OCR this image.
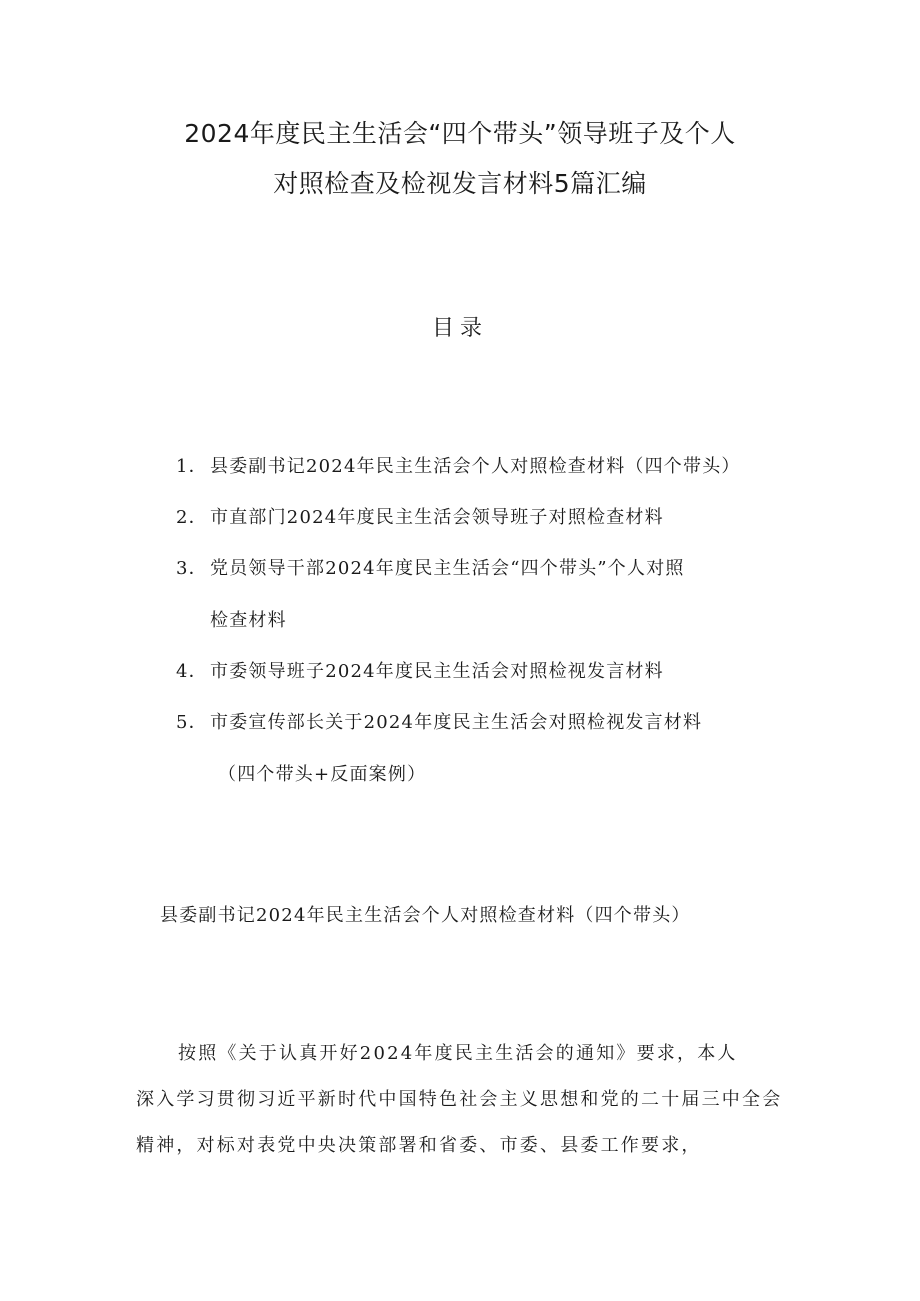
2024年度民主生活会“四个带头”领导班子及个人
对照检查及检视发言材料5篇汇编
目录
1． 县委副书记2024年民主生活会个人对照检查材料（四个带头）
2． 市直部门2024年度民主生活会领导班子对照检查材料
3． 党员领导干部2024年度民主生活会“四个带头”个人对照
检查材料
4． 市委领导班子2024年度民主生活会对照检视发言材料
5． 市委宣传部长关于2024年度民主生活会对照检视发言材料
（四个带头+反面案例）
县委副书记2024年民主生活会个人对照检查材料（四个带头）
按照《关于认真开好2024年度民主生活会的通知》要求，本人
深入学习贯彻习近平新时代中国特色社会主义思想和党的二十届三中全会
精神，对标对表党中央决策部署和省委、市委、县委工作要求，
